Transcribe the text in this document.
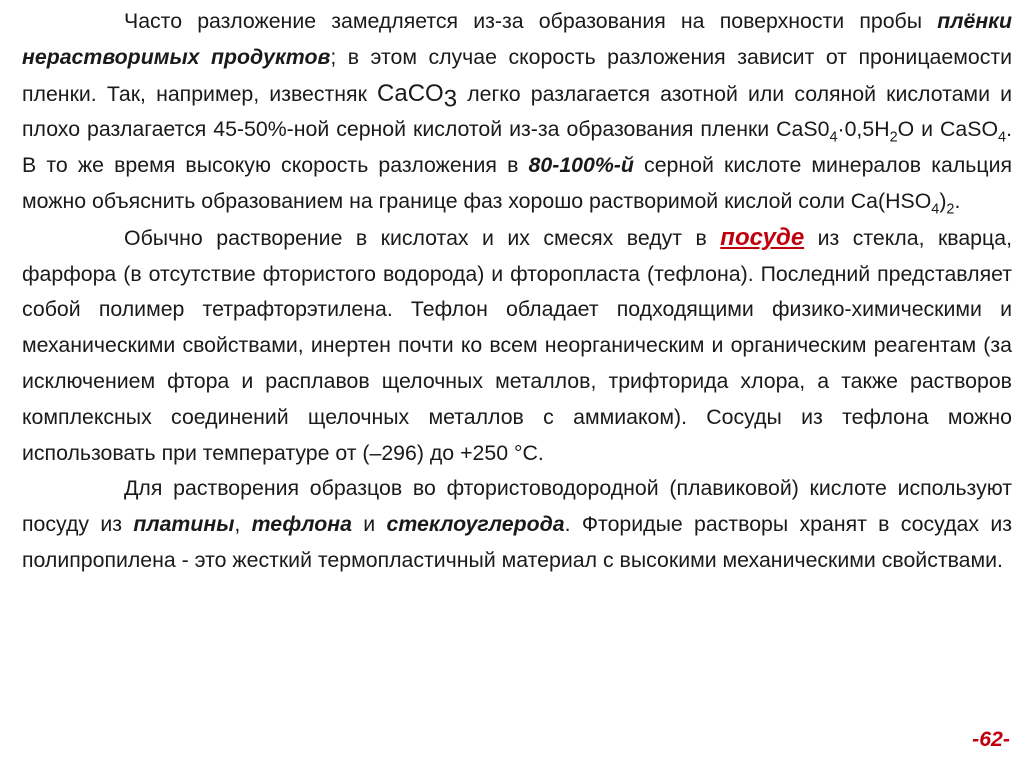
Часто разложение замедляется из-за образования на поверхности пробы плёнки нерастворимых продуктов; в этом случае скорость разложения зависит от проницаемости пленки. Так, например, известняк CaCO$_3$ легко разлагается азотной или соляной кислотами и плохо разлагается 45-50%-ной серной кислотой из-за образования пленки $CaS0_4\cdot 0,5H_2O$ и CaSO$_4$. В то же время высокую скорость разложения в 80-100%-й серной кислоте минералов кальция можно объяснить образованием на границе фаз хорошо растворимой кислой соли $Ca(HSO_4)_2$.

Обычно растворение в кислотах и их смесях ведут в посуде из стекла, кварца, фарфора (в отсутствие фтористого водорода) и фторопласта (тефлона). Последний представляет собой полимер тетрафторэтилена. Тефлон обладает подходящими физико-химическими и механическими свойствами, инертен почти ко всем неорганическим и органическим реагентам (за исключением фтора и расплавов щелочных металлов, трифторида хлора, а также растворов комплексных соединений щелочных металлов с аммиаком). Сосуды из тефлона можно использовать при температуре от (–296) до +250 °C.

Для растворения образцов во фтористоводородной (плавиковой) кислоте используют посуду из платины, тефлона и стеклоуглерода. Фторидые растворы хранят в сосудах из полипропилена - это жесткий термопластичный материал с высокими механическими свойствами.

-62-
